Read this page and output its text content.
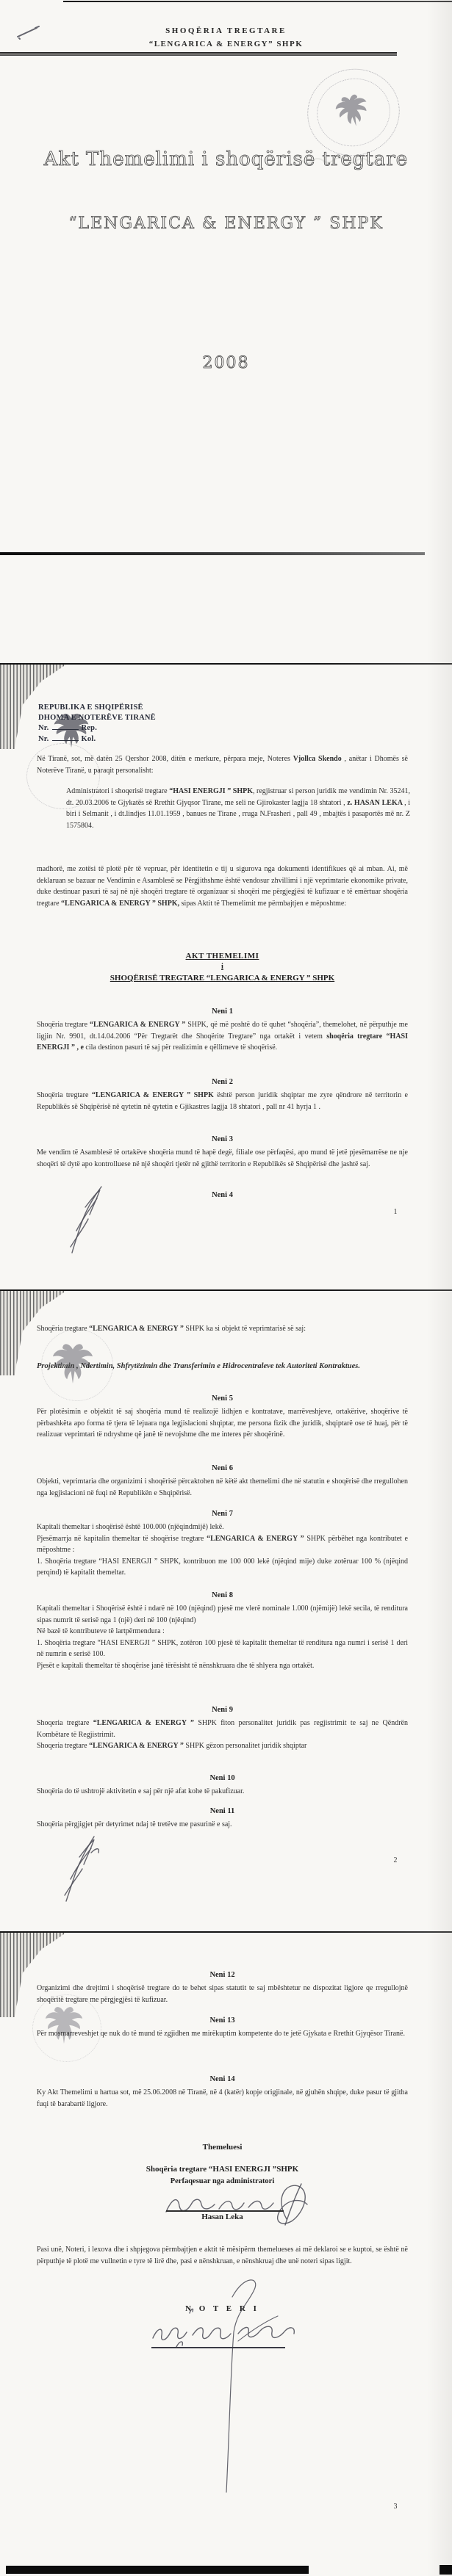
SHOQËRIA TREGTARE
“LENGARICA & ENERGY” SHPK
Akt Themelimi i shoqërisë tregtare
“LENGARICA & ENERGY ” SHPK
2008
REPUBLIKA E SHQIPËRISË
DHOMA E NOTERËVE TIRANË
Nr.	Rep.
Nr.	Kol.
Në Tiranë, sot, më datën 25 Qershor 2008, ditën e merkure, përpara meje, Noteres Vjollca Skendo , anëtar i Dhomës së Noterëve Tiranë, u paraqit personalisht:
Administratori i shoqerisë tregtare “HASI ENERGJI ” SHPK, regjistruar si person juridik me vendimin Nr. 35241, dt. 20.03.2006 te Gjykatës së Rrethit Gjyqsor Tirane, me seli ne Gjirokaster lagjja 18 shtatori , z. HASAN LEKA , i biri i Selmanit , i dt.lindjes 11.01.1959 , banues ne Tirane , rruga N.Frasheri , pall 49 , mbajtës i pasaportës më nr. Z 1575804.
madhorë, me zotësi të plotë për të vepruar, për identitetin e tij u sigurova nga dokumenti identifikues që ai mban. Ai, më deklaruan se bazuar ne Vendimin e Asamblesë se Përgjithshme është vendosur zhvillimi i një veprimtarie ekonomike private, duke destinuar pasuri të saj në një shoqëri tregtare të organizuar si shoqëri me përgjegjësi të kufizuar e të emërtuar shoqëria tregtare “LENGARICA & ENERGY ” SHPK, sipas Aktit të Themelimit me përmbajtjen e mëposhtme:
AKT THEMELIMI
i
SHOQËRISË TREGTARE “LENGARICA & ENERGY ” SHPK
Neni 1
Shoqëria tregtare “LENGARICA & ENERGY ” SHPK, që më poshtë do të quhet “shoqëria”, themelohet, në përputhje me ligjin Nr. 9901, dt.14.04.2006 “Për Tregtarët dhe Shoqërite Tregtare” nga ortakët i vetem shoqëria tregtare “HASI ENERGJI ” , e cila destinon pasuri të saj për realizimin e qëllimeve të shoqërisë.
Neni 2
Shoqëria tregtare “LENGARICA & ENERGY ” SHPK është person juridik shqiptar me zyre qëndrore në territorin e Republikës së Shqipërisë në qytetin në qytetin e Gjikastres lagjja 18 shtatori , pall nr 41 hyrja 1 .
Neni 3
Me vendim të Asamblesë të ortakëve shoqëria mund të hapë degë, filiale ose përfaqësi, apo mund të jetë pjesëmarrëse ne nje shoqëri të dytë apo kontrolluese në një shoqëri tjetër në gjithë territorin e Republikës së Shqipërisë dhe jashtë saj.
Neni 4
1
Shoqëria tregtare “LENGARICA & ENERGY ” SHPK ka si objekt të veprimtarisë së saj:
Projektimin , Ndertimin, Shfrytëzimin dhe Transferimin e Hidrocentraleve tek Autoriteti Kontraktues.
Neni 5
Për plotësimin e objektit të saj shoqëria mund të realizojë lidhjen e kontratave, marrëveshjeve, ortakërive, shoqërive të përbashkëta apo forma të tjera të lejuara nga legjislacioni shqiptar, me persona fizik dhe juridik, shqiptarë ose të huaj, për të realizuar veprimtari të ndryshme që janë të nevojshme dhe me interes për shoqërinë.
Neni 6
Objekti, veprimtaria dhe organizimi i shoqërisë përcaktohen në këtë akt themelimi dhe në statutin e shoqërisë dhe rregullohen nga legjislacioni në fuqi në Republikën e Shqipërisë.
Neni 7
Kapitali themeltar i shoqërisë është 100.000 (njëqindmijë) lekë.
Pjesëmarrja në kapitalin themeltar të shoqërise tregtare “LENGARICA & ENERGY ” SHPK përbëhet nga kontributet e mëposhtme :
1. Shoqëria tregtare “HASI ENERGJI ” SHPK, kontribuon me 100 000 lekë (njëqind mije) duke zotëruar 100 % (njëqind perqind) të kapitalit themeltar.
Neni 8
Kapitali themeltar i Shoqërisë është i ndarë në 100 (njëqind) pjesë me vlerë nominale 1.000 (njëmijë) lekë secila, të renditura sipas numrit të serisë nga 1 (një) deri në 100 (njëqind)
Në bazë të kontributeve të lartpërmendura :
1. Shoqëria tregtare “HASI ENERGJI ” SHPK, zotëron 100 pjesë të kapitalit themeltar të renditura nga numri i serisë 1 deri në numrin e serisë 100.
Pjesët e kapitali themeltar të shoqërise janë tërësisht të nënshkruara dhe të shlyera nga ortakët.
Neni 9
Shoqeria tregtare “LENGARICA & ENERGY ” SHPK fiton personalitet juridik pas regjistrimit te saj ne Qëndrën Kombëtare të Regjistrimit.
Shoqeria tregtare “LENGARICA & ENERGY ” SHPK gëzon personalitet juridik shqiptar
Neni 10
Shoqëria do të ushtrojë aktivitetin e saj për një afat kohe të pakufizuar.
Neni 11
Shoqëria përgjigjet për detyrimet ndaj të tretëve me pasurinë e saj.
2
Neni 12
Organizimi dhe drejtimi i shoqërisë tregtare do te behet sipas statutit te saj mbështetur ne dispozitat ligjore qe rregullojnë shoqëritë tregtare me përgjegjësi të kufizuar.
Neni 13
Për mosmarreveshjet qe nuk do të mund të zgjidhen me mirëkuptim kompetente do te jetë Gjykata e Rrethit Gjyqësor Tiranë.
Neni 14
Ky Akt Themelimi u hartua sot, më 25.06.2008 në Tiranë, në 4 (katër) kopje origjinale, në gjuhën shqipe, duke pasur të gjitha fuqi të barabartë ligjore.
Themeluesi
Shoqëria tregtare “HASI ENERGJI ”SHPK
Perfaqesuar nga administratori
Hasan Leka
Pasi unë, Noteri, i lexova dhe i shpjegova përmbajtjen e aktit të mësipërm themelueses ai më deklaroi se e kuptoi, se është në përputhje të plotë me vullnetin e tyre të lirë dhe, pasi e nënshkruan, e nënshkruaj dhe unë noteri sipas ligjit.
N O T E R I
3
